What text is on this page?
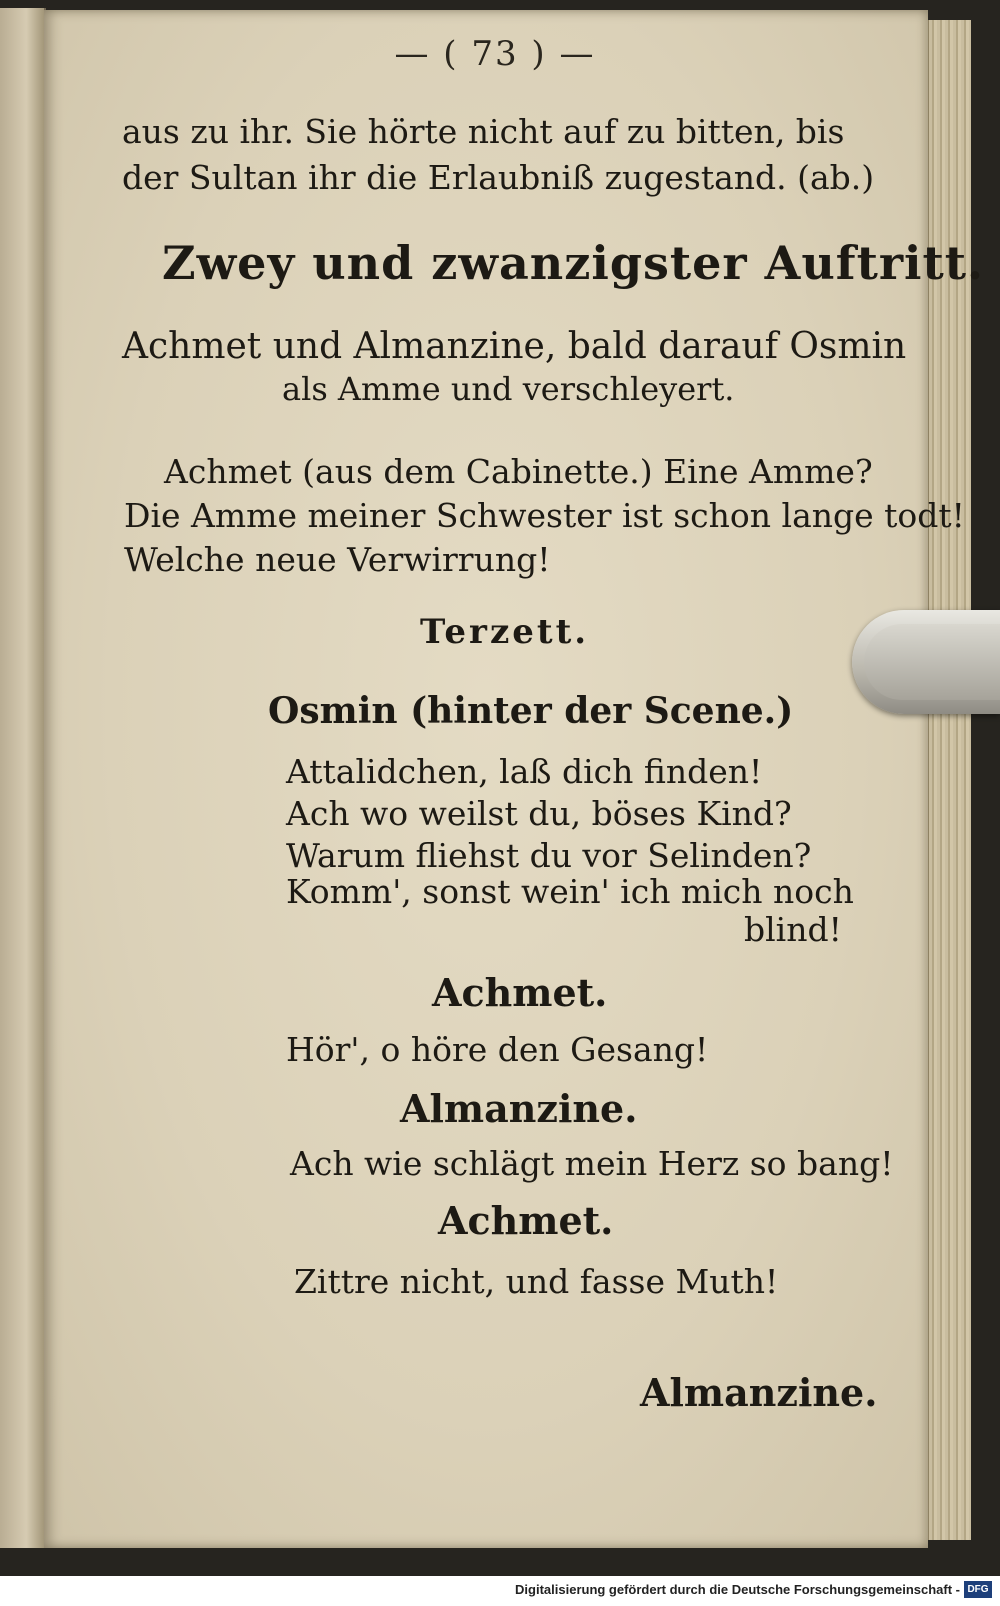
— ( 73 ) —

aus zu ihr. Sie hörte nicht auf zu bitten, bis

der Sultan ihr die Erlaubniß zugestand. (ab.)

Zwey und zwanzigster Auftritt.

Achmet und Almanzine, bald darauf Osmin

als Amme und verschleyert.

Achmet (aus dem Cabinette.) Eine Amme?

Die Amme meiner Schwester ist schon lange todt!

Welche neue Verwirrung!

Terzett.

Osmin (hinter der Scene.)

Attalidchen, laß dich finden!

Ach wo weilst du, böses Kind?

Warum fliehst du vor Selinden?

Komm', sonst wein' ich mich noch

blind!

Achmet.

Hör', o höre den Gesang!

Almanzine.

Ach wie schlägt mein Herz so bang!

Achmet.

Zittre nicht, und fasse Muth!

Almanzine.

Digitalisierung gefördert durch die Deutsche Forschungsgemeinschaft - DFG
